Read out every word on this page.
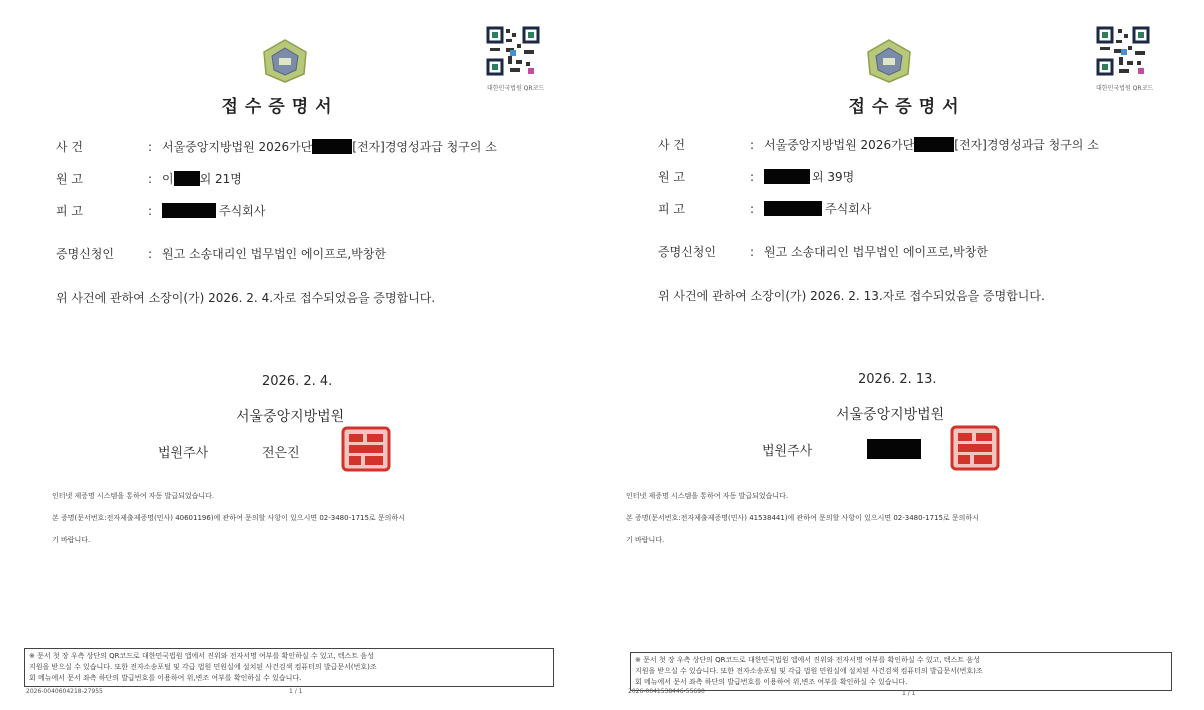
대한민국법원 QR코드
접수증명서
사 건	: 서울중앙지방법원 2026가단	[전자]경영성과급 청구의 소
원 고	: 이 외 21명
피 고	:	주식회사
증명신청인	: 원고 소송대리인 법무법인 에이프로,박창한
위 사건에 관하여 소장이(가) 2026. 2. 4.자로 접수되었음을 증명합니다.
2026. 2. 4.
서울중앙지방법원
법원주사	전은진
인터넷 제증명 시스템을 통하여 자동 발급되었습니다.
본 증명(문서번호:전자제출제증명(민사) 40601196)에 관하여 문의할 사항이 있으시면 02-3480-1715로 문의하시
기 바랍니다.
※ 문서 첫 장 우측 상단의 QR코드로 대한민국법원 앱에서 진위와 전자서명 여부를 확인하실 수 있고, 텍스트 음성
지원을 받으실 수 있습니다. 또한 전자소송포털 및 각급 법원 민원실에 설치된 사건검색 컴퓨터의 발급문서(번호)조
회 메뉴에서 문서 좌측 하단의 발급번호를 이용하여 위,변조 여부를 확인하실 수 있습니다.
2026-0040604218-27955	1 / 1
대한민국법원 QR코드
접수증명서
사 건	: 서울중앙지방법원 2026가단	[전자]경영성과급 청구의 소
원 고	:	외 39명
피 고	:	주식회사
증명신청인	: 원고 소송대리인 법무법인 에이프로,박창한
위 사건에 관하여 소장이(가) 2026. 2. 13.자로 접수되었음을 증명합니다.
2026. 2. 13.
서울중앙지방법원
법원주사
인터넷 제증명 시스템을 통하여 자동 발급되었습니다.
본 증명(문서번호:전자제출제증명(민사) 41538441)에 관하여 문의할 사항이 있으시면 02-3480-1715로 문의하시
기 바랍니다.
※ 문서 첫 장 우측 상단의 QR코드로 대한민국법원 앱에서 진위와 전자서명 여부를 확인하실 수 있고, 텍스트 음성
지원을 받으실 수 있습니다. 또한 전자소송포털 및 각급 법원 민원실에 설치된 사건검색 컴퓨터의 발급문서(번호)조
회 메뉴에서 문서 좌측 하단의 발급번호를 이용하여 위,변조 여부를 확인하실 수 있습니다.
2026-0041538446-55690	1 / 1
